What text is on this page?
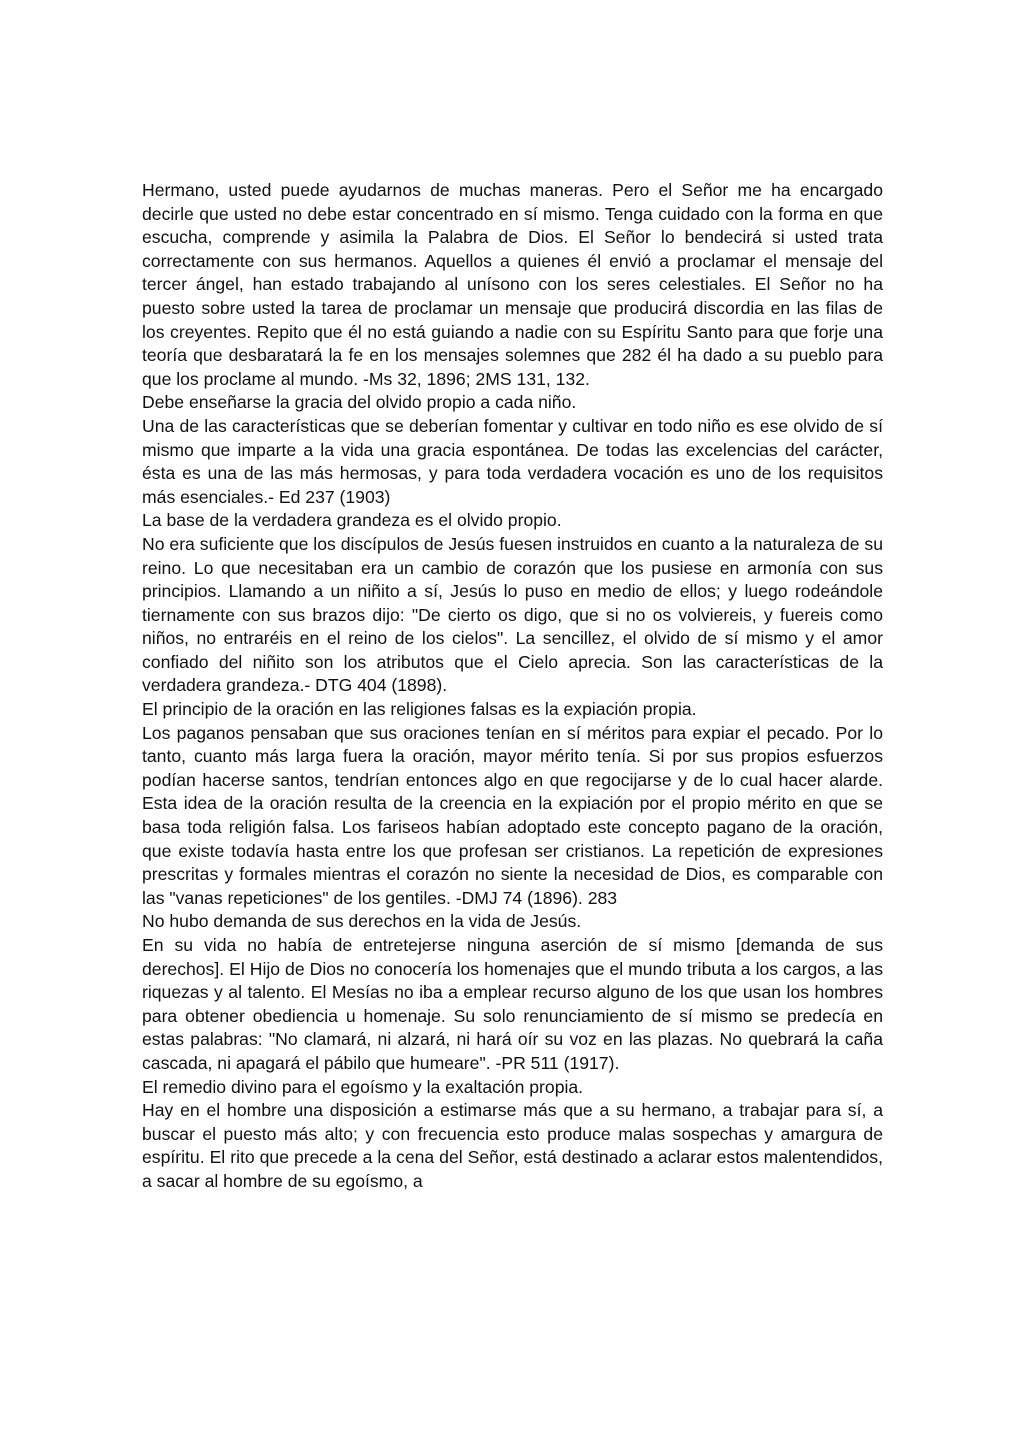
Hermano, usted puede ayudarnos de muchas maneras. Pero el Señor me ha encargado decirle que usted no debe estar concentrado en sí mismo. Tenga cuidado con la forma en que escucha, comprende y asimila la Palabra de Dios. El Señor lo bendecirá si usted trata correctamente con sus hermanos. Aquellos a quienes él envió a proclamar el mensaje del tercer ángel, han estado trabajando al unísono con los seres celestiales. El Señor no ha puesto sobre usted la tarea de proclamar un mensaje que producirá discordia en las filas de los creyentes. Repito que él no está guiando a nadie con su Espíritu Santo para que forje una teoría que desbaratará la fe en los mensajes solemnes que 282 él ha dado a su pueblo para que los proclame al mundo. -Ms 32, 1896; 2MS 131, 132.

Debe enseñarse la gracia del olvido propio a cada niño.

Una de las características que se deberían fomentar y cultivar en todo niño es ese olvido de sí mismo que imparte a la vida una gracia espontánea. De todas las excelencias del carácter, ésta es una de las más hermosas, y para toda verdadera vocación es uno de los requisitos más esenciales.- Ed 237 (1903)

La base de la verdadera grandeza es el olvido propio.

No era suficiente que los discípulos de Jesús fuesen instruidos en cuanto a la naturaleza de su reino. Lo que necesitaban era un cambio de corazón que los pusiese en armonía con sus principios. Llamando a un niñito a sí, Jesús lo puso en medio de ellos; y luego rodeándole tiernamente con sus brazos dijo: "De cierto os digo, que si no os volviereis, y fuereis como niños, no entraréis en el reino de los cielos". La sencillez, el olvido de sí mismo y el amor confiado del niñito son los atributos que el Cielo aprecia. Son las características de la verdadera grandeza.- DTG 404 (1898).

El principio de la oración en las religiones falsas es la expiación propia.

Los paganos pensaban que sus oraciones tenían en sí méritos para expiar el pecado. Por lo tanto, cuanto más larga fuera la oración, mayor mérito tenía. Si por sus propios esfuerzos podían hacerse santos, tendrían entonces algo en que regocijarse y de lo cual hacer alarde. Esta idea de la oración resulta de la creencia en la expiación por el propio mérito en que se basa toda religión falsa. Los fariseos habían adoptado este concepto pagano de la oración, que existe todavía hasta entre los que profesan ser cristianos. La repetición de expresiones prescritas y formales mientras el corazón no siente la necesidad de Dios, es comparable con las "vanas repeticiones" de los gentiles. -DMJ 74 (1896). 283

No hubo demanda de sus derechos en la vida de Jesús.

En su vida no había de entretejerse ninguna aserción de sí mismo [demanda de sus derechos]. El Hijo de Dios no conocería los homenajes que el mundo tributa a los cargos, a las riquezas y al talento. El Mesías no iba a emplear recurso alguno de los que usan los hombres para obtener obediencia u homenaje. Su solo renunciamiento de sí mismo se predecía en estas palabras: "No clamará, ni alzará, ni hará oír su voz en las plazas. No quebrará la caña cascada, ni apagará el pábilo que humeare". -PR 511 (1917).

El remedio divino para el egoísmo y la exaltación propia.

Hay en el hombre una disposición a estimarse más que a su hermano, a trabajar para sí, a buscar el puesto más alto; y con frecuencia esto produce malas sospechas y amargura de espíritu. El rito que precede a la cena del Señor, está destinado a aclarar estos malentendidos, a sacar al hombre de su egoísmo, a
